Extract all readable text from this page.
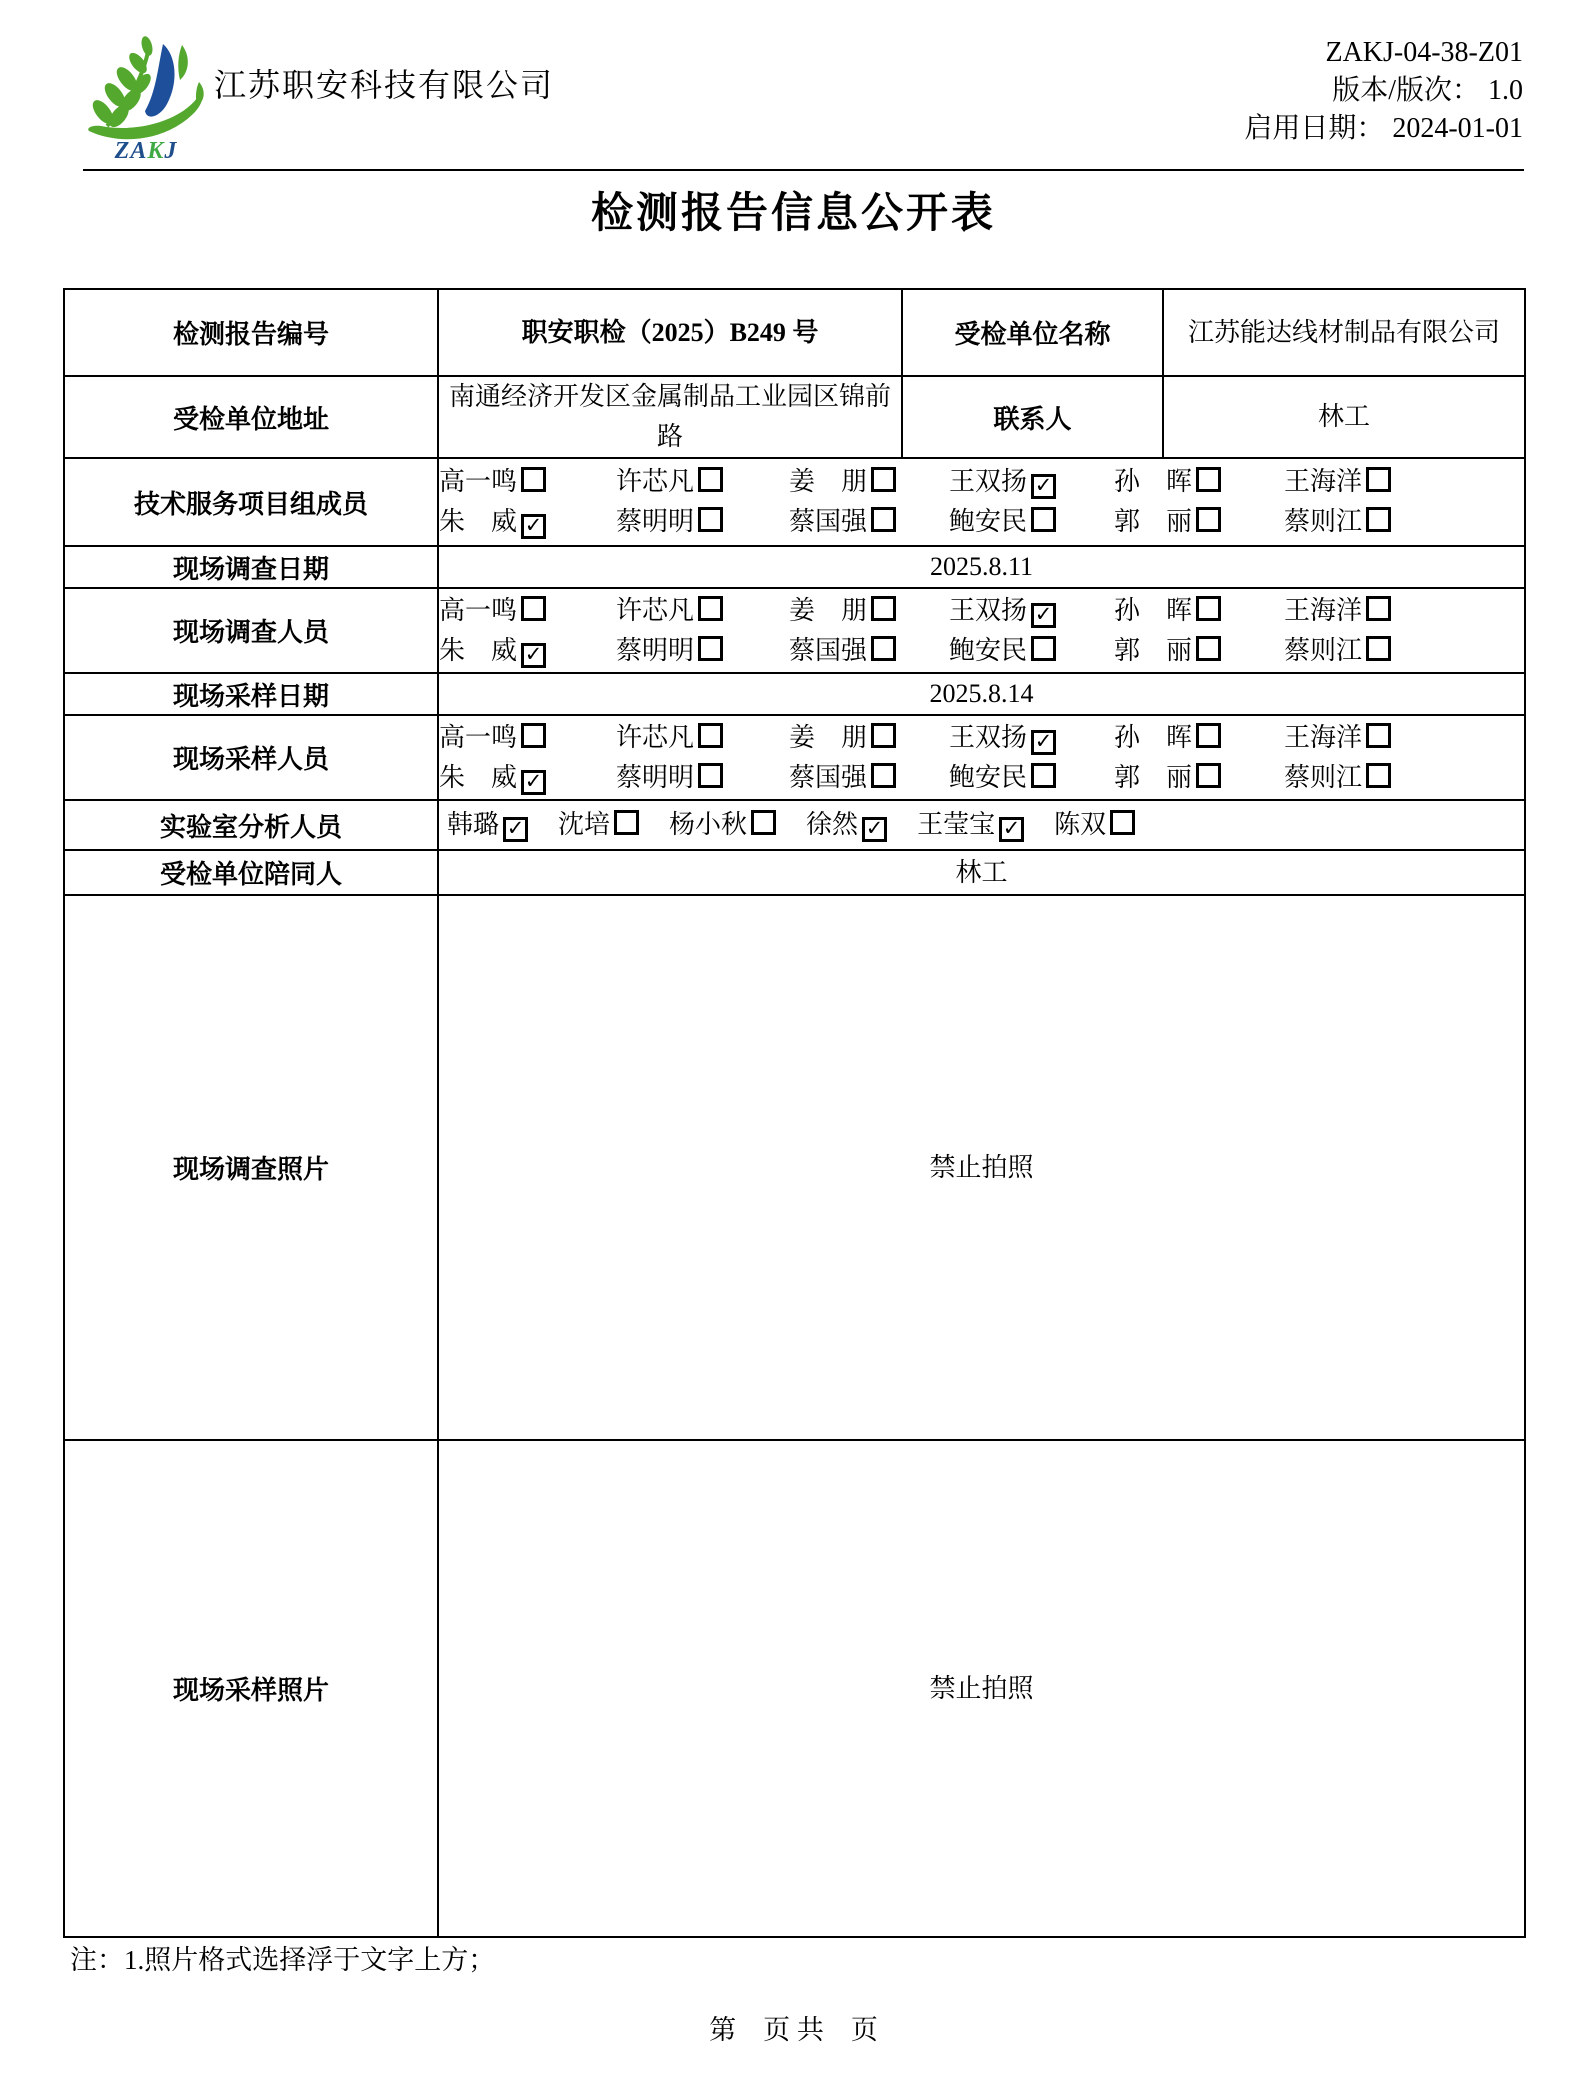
ZAKJ
江苏职安科技有限公司
ZAKJ-04-38-Z01
版本/版次： 1.0
启用日期： 2024-01-01
检测报告信息公开表
检测报告编号	职安职检（2025）B249 号	受检单位名称	江苏能达线材制品有限公司
受检单位地址	南通经济开发区金属制品工业园区锦前路	联系人	林工
技术服务项目组成员	
高一鸣	许芯凡	姜　朋	王双扬 ✓	孙　晖	王海洋
朱　威 ✓	蔡明明	蔡国强	鲍安民	郭　丽	蔡则江

现场调查日期	2025.8.11		
现场调查人员	
高一鸣	许芯凡	姜　朋	王双扬 ✓	孙　晖	王海洋
朱　威 ✓	蔡明明	蔡国强	鲍安民	郭　丽	蔡则江

现场采样日期	2025.8.14		
现场采样人员	
高一鸣	许芯凡	姜　朋	王双扬 ✓	孙　晖	王海洋
朱　威 ✓	蔡明明	蔡国强	鲍安民	郭　丽	蔡则江

实验室分析人员	韩璐 ✓ 沈培	杨小秋	徐然 ✓ 王莹宝 ✓ 陈双

受检单位陪同人	林工		
现场调查照片	禁止拍照		
现场采样照片	禁止拍照		
注：1.照片格式选择浮于文字上方；
第　页 共　页
